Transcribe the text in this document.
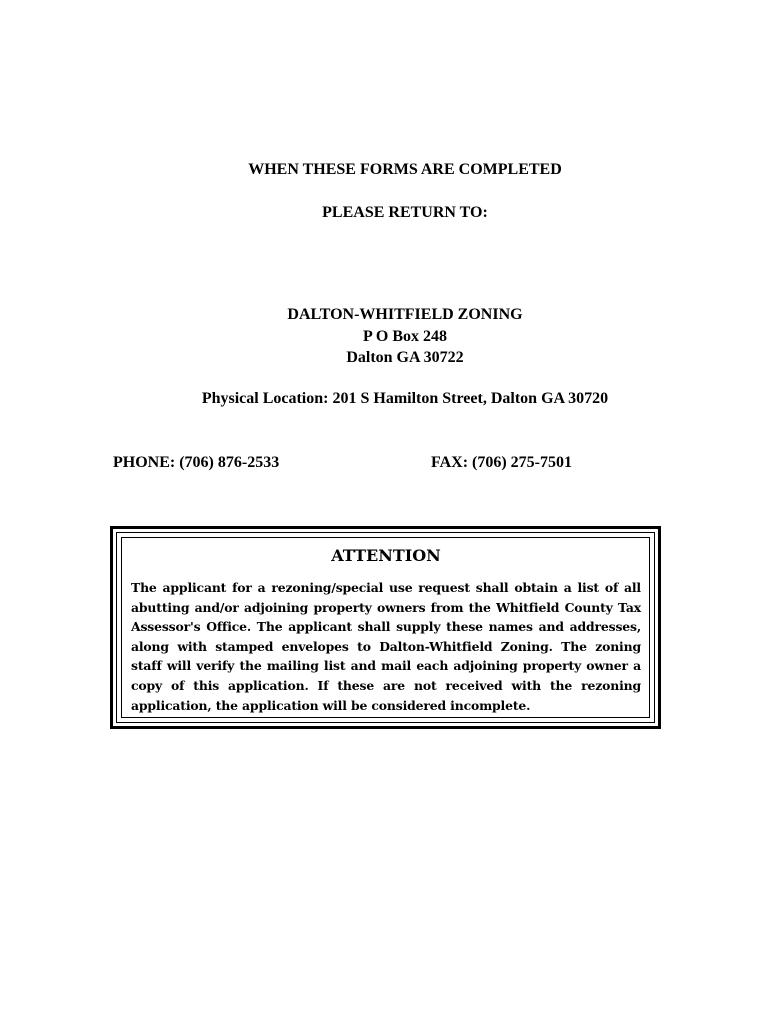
WHEN THESE FORMS ARE COMPLETED
PLEASE RETURN TO:
DALTON-WHITFIELD ZONING
P O Box 248
Dalton GA 30722
Physical Location: 201 S Hamilton Street, Dalton GA 30720
PHONE: (706) 876-2533	FAX: (706) 275-7501

ATTENTION

The applicant for a rezoning/special use request shall obtain a list of all abutting and/or adjoining property owners from the Whitfield County Tax Assessor's Office. The applicant shall supply these names and addresses, along with stamped envelopes to Dalton-Whitfield Zoning. The zoning staff will verify the mailing list and mail each adjoining property owner a copy of this application. If these are not received with the rezoning application, the application will be considered incomplete.
